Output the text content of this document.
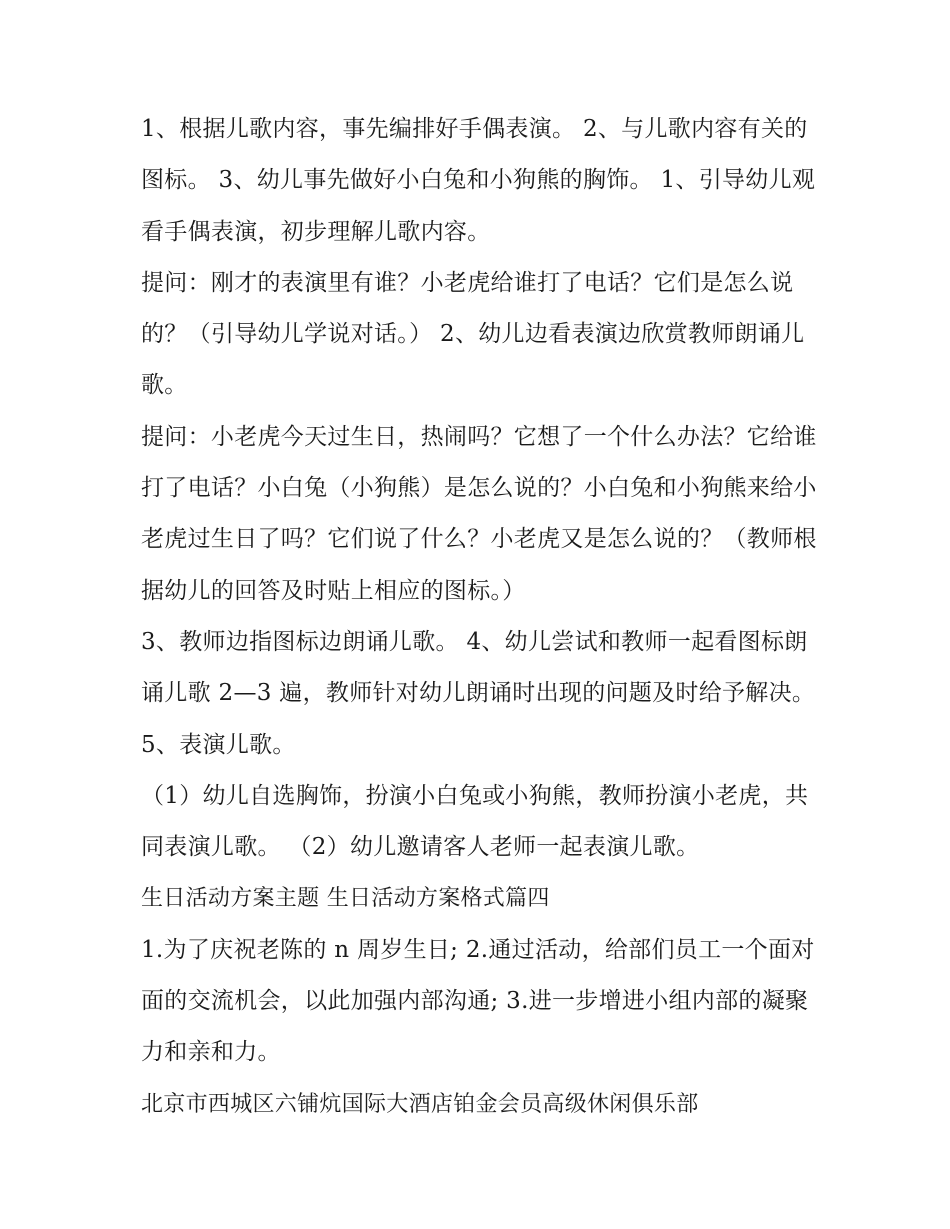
1、根据儿歌内容，事先编排好手偶表演。 2、与儿歌内容有关的图标。 3、幼儿事先做好小白兔和小狗熊的胸饰。 1、引导幼儿观看手偶表演，初步理解儿歌内容。

提问：刚才的表演里有谁？小老虎给谁打了电话？它们是怎么说的？（引导幼儿学说对话。） 2、幼儿边看表演边欣赏教师朗诵儿歌。

提问：小老虎今天过生日，热闹吗？它想了一个什么办法？它给谁打了电话？小白兔（小狗熊）是怎么说的？小白兔和小狗熊来给小老虎过生日了吗？它们说了什么？小老虎又是怎么说的？（教师根据幼儿的回答及时贴上相应的图标。）

3、教师边指图标边朗诵儿歌。 4、幼儿尝试和教师一起看图标朗诵儿歌 2—3 遍，教师针对幼儿朗诵时出现的问题及时给予解决。 5、表演儿歌。

（1）幼儿自选胸饰，扮演小白兔或小狗熊，教师扮演小老虎，共同表演儿歌。 （2）幼儿邀请客人老师一起表演儿歌。

生日活动方案主题 生日活动方案格式篇四

1.为了庆祝老陈的 n 周岁生日; 2.通过活动，给部们员工一个面对面的交流机会，以此加强内部沟通; 3.进一步增进小组内部的凝聚力和亲和力。

北京市西城区六铺炕国际大酒店铂金会员高级休闲俱乐部
